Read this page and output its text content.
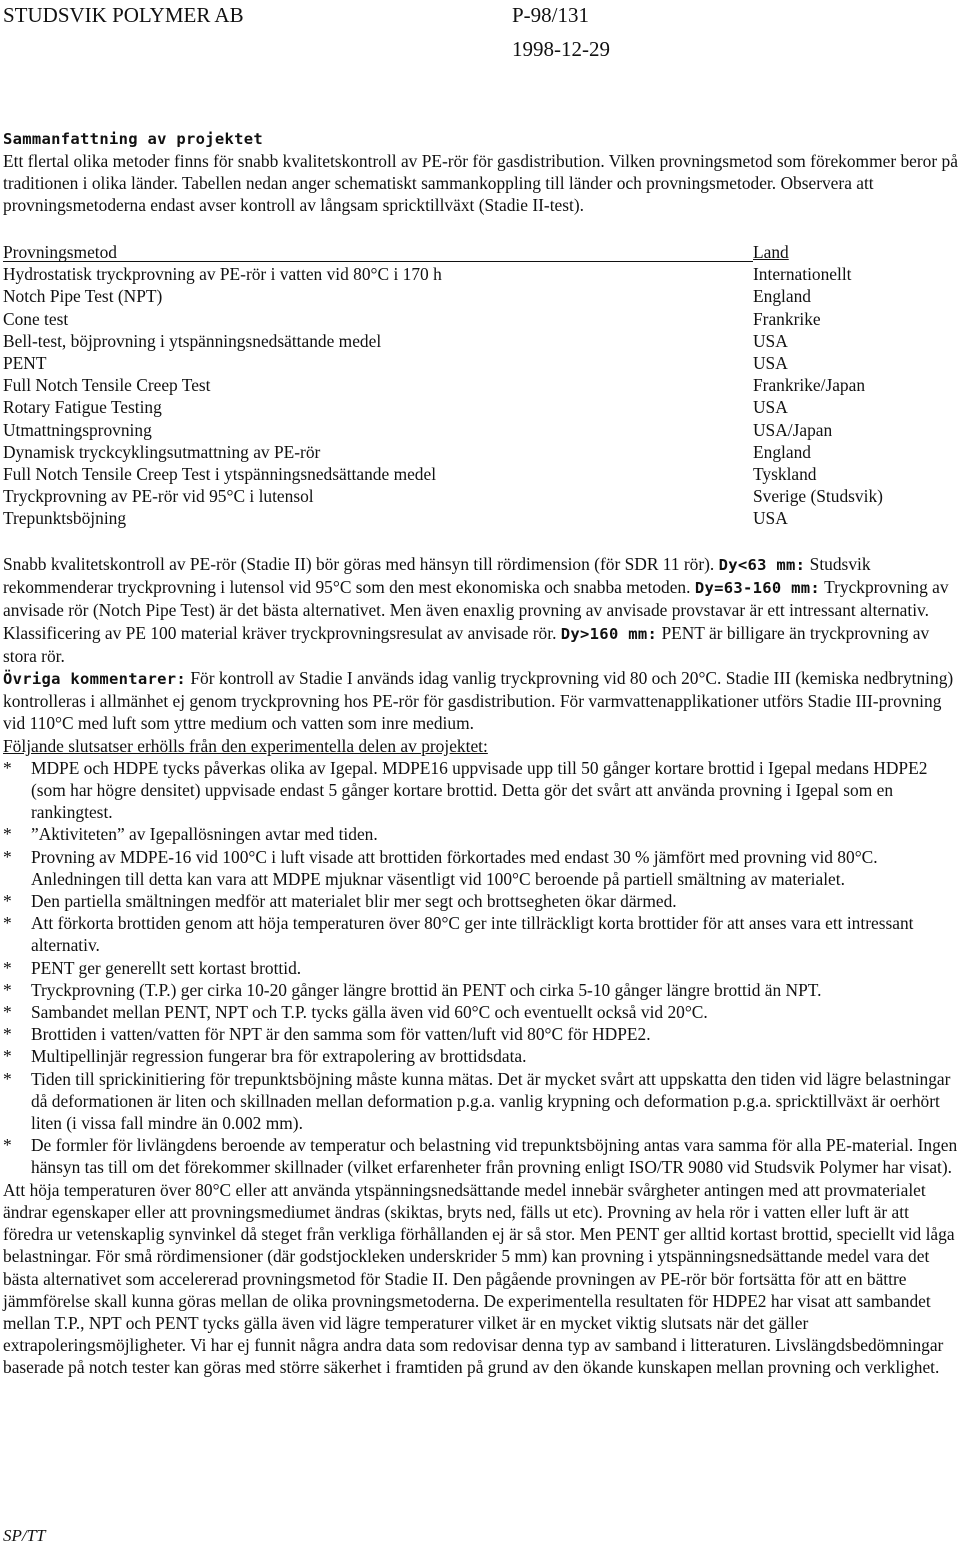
STUDSVIK POLYMER AB	P-98/131
1998-12-29
Sammanfattning av projektet
Ett flertal olika metoder finns för snabb kvalitetskontroll av PE-rör för gasdistribution. Vilken provningsmetod som förekommer beror på traditionen i olika länder. Tabellen nedan anger schematiskt sammankoppling till länder och provningsmetoder. Observera att provningsmetoderna endast avser kontroll av långsam spricktillväxt (Stadie II-test).
Provningsmetod	Land
Hydrostatisk tryckprovning av PE-rör i vatten vid 80°C i 170 h	Internationellt
Notch Pipe Test (NPT)	England
Cone test	Frankrike
Bell-test, böjprovning i ytspänningsnedsättande medel	USA
PENT	USA
Full Notch Tensile Creep Test	Frankrike/Japan
Rotary Fatigue Testing	USA
Utmattningsprovning	USA/Japan
Dynamisk tryckcyklingsutmattning av PE-rör	England
Full Notch Tensile Creep Test i ytspänningsnedsättande medel	Tyskland
Tryckprovning av PE-rör vid 95°C i lutensol	Sverige (Studsvik)
Trepunktsböjning	USA
Snabb kvalitetskontroll av PE-rör (Stadie II) bör göras med hänsyn till rördimension (för SDR 11 rör). Dy<63 mm: Studsvik rekommenderar tryckprovning i lutensol vid 95°C som den mest ekonomiska och snabba metoden. Dy=63-160 mm: Tryckprovning av anvisade rör (Notch Pipe Test) är det bästa alternativet. Men även enaxlig provning av anvisade provstavar är ett intressant alternativ. Klassificering av PE 100 material kräver tryckprovningsresulat av anvisade rör. Dy>160 mm: PENT är billigare än tryckprovning av stora rör.
Övriga kommentarer: För kontroll av Stadie I används idag vanlig tryckprovning vid 80 och 20°C. Stadie III (kemiska nedbrytning) kontrolleras i allmänhet ej genom tryckprovning hos PE-rör för gasdistribution. För varmvattenapplikationer utförs Stadie III-provning vid 110°C med luft som yttre medium och vatten som inre medium.
Följande slutsatser erhölls från den experimentella delen av projektet:
* MDPE och HDPE tycks påverkas olika av Igepal. MDPE16 uppvisade upp till 50 gånger kortare brottid i Igepal medans HDPE2 (som har högre densitet) uppvisade endast 5 gånger kortare brottid. Detta gör det svårt att använda provning i Igepal som en rankingtest.
* ”Aktiviteten” av Igepallösningen avtar med tiden.
* Provning av MDPE-16 vid 100°C i luft visade att brottiden förkortades med endast 30 % jämfört med provning vid 80°C. Anledningen till detta kan vara att MDPE mjuknar väsentligt vid 100°C beroende på partiell smältning av materialet.
* Den partiella smältningen medför att materialet blir mer segt och brottsegheten ökar därmed.
* Att förkorta brottiden genom att höja temperaturen över 80°C ger inte tillräckligt korta brottider för att anses vara ett intressant alternativ.
* PENT ger generellt sett kortast brottid.
* Tryckprovning (T.P.) ger cirka 10-20 gånger längre brottid än PENT och cirka 5-10 gånger längre brottid än NPT.
* Sambandet mellan PENT, NPT och T.P. tycks gälla även vid 60°C och eventuellt också vid 20°C.
* Brottiden i vatten/vatten för NPT är den samma som för vatten/luft vid 80°C för HDPE2.
* Multipellinjär regression fungerar bra för extrapolering av brottidsdata.
* Tiden till sprickinitiering för trepunktsböjning måste kunna mätas. Det är mycket svårt att uppskatta den tiden vid lägre belastningar då deformationen är liten och skillnaden mellan deformation p.g.a. vanlig krypning och deformation p.g.a. spricktillväxt är oerhört liten (i vissa fall mindre än 0.002 mm).
* De formler för livlängdens beroende av temperatur och belastning vid trepunktsböjning antas vara samma för alla PE-material. Ingen hänsyn tas till om det förekommer skillnader (vilket erfarenheter från provning enligt ISO/TR 9080 vid Studsvik Polymer har visat).
Att höja temperaturen över 80°C eller att använda ytspänningsnedsättande medel innebär svårgheter antingen med att provmaterialet ändrar egenskaper eller att provningsmediumet ändras (skiktas, bryts ned, fälls ut etc). Provning av hela rör i vatten eller luft är att föredra ur vetenskaplig synvinkel då steget från verkliga förhållanden ej är så stor. Men PENT ger alltid kortast brottid, speciellt vid låga belastningar. För små rördimensioner (där godstjockleken underskrider 5 mm) kan provning i ytspänningsnedsättande medel vara det bästa alternativet som accelererad provningsmetod för Stadie II. Den pågående provningen av PE-rör bör fortsätta för att en bättre jämmförelse skall kunna göras mellan de olika provningsmetoderna. De experimentella resultaten för HDPE2 har visat att sambandet mellan T.P., NPT och PENT tycks gälla även vid lägre temperaturer vilket är en mycket viktig slutsats när det gäller extrapoleringsmöjligheter. Vi har ej funnit några andra data som redovisar denna typ av samband i litteraturen. Livslängdsbedömningar baserade på notch tester kan göras med större säkerhet i framtiden på grund av den ökande kunskapen mellan provning och verklighet.
SP/TT
